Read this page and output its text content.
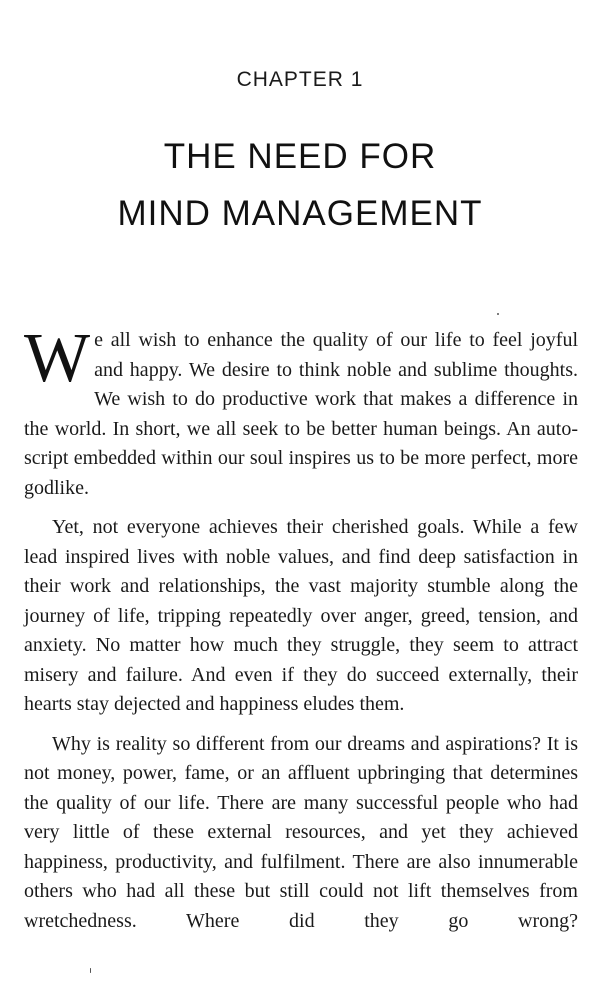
CHAPTER 1
THE NEED FOR
MIND MANAGEMENT

We all wish to enhance the quality of our life to feel joyful and happy. We desire to think noble and sublime thoughts. We wish to do productive work that makes a difference in the world. In short, we all seek to be better human beings. An auto-script embedded within our soul inspires us to be more perfect, more godlike.

Yet, not everyone achieves their cherished goals. While a few lead inspired lives with noble values, and find deep satisfaction in their work and relationships, the vast majority stumble along the journey of life, tripping repeatedly over anger, greed, tension, and anxiety. No matter how much they struggle, they seem to attract misery and failure. And even if they do succeed externally, their hearts stay dejected and happiness eludes them.

Why is reality so different from our dreams and aspirations? It is not money, power, fame, or an affluent upbringing that determines the quality of our life. There are many successful people who had very little of these external resources, and yet they achieved happiness, productivity, and fulfilment. There are also innumerable others who had all these but still could not lift themselves from wretchedness. Where did they go wrong?
